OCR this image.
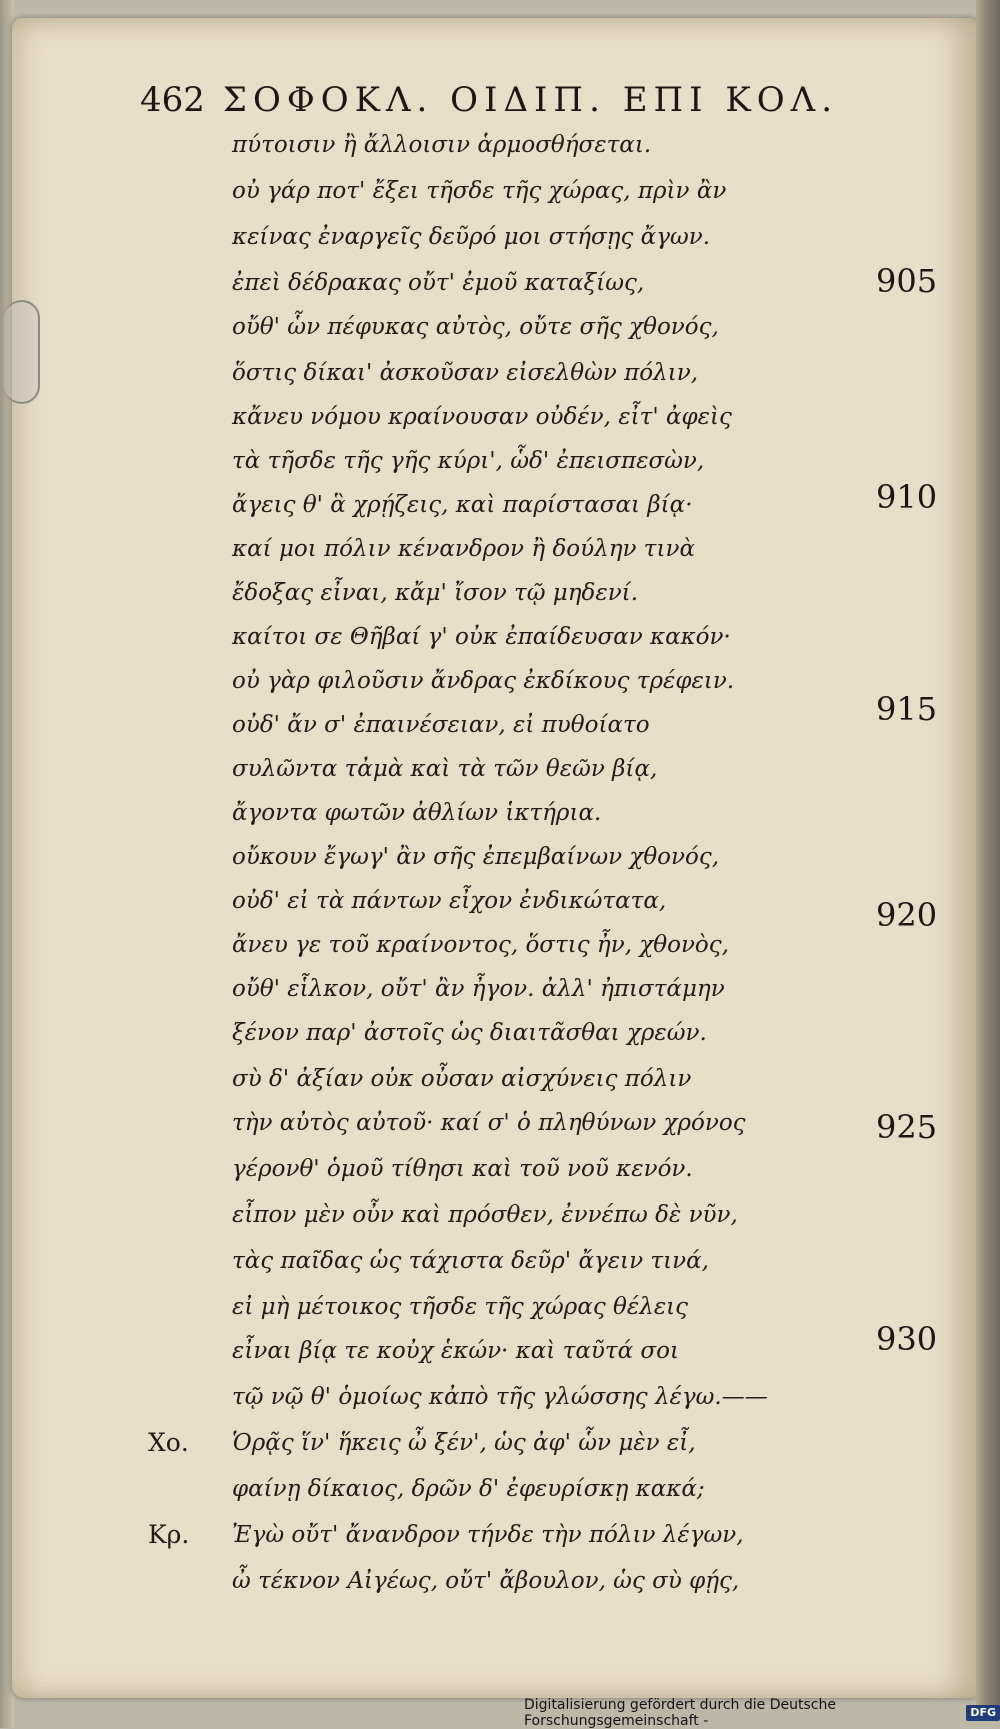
462 ΣΟΦΟΚΛ. ΟΙΔΙΠ. ΕΠΙ ΚΟΛ.
πύτοισιν ἢ ἄλλοισιν ἁρμοσθήσεται.
οὐ γάρ ποτ' ἔξει τῆσδε τῆς χώρας, πρὶν ἂν
κείνας ἐναργεῖς δεῦρό μοι στήσῃς ἄγων.
ἐπεὶ δέδρακας οὔτ' ἐμοῦ καταξίως,
οὔθ' ὧν πέφυκας αὐτὸς, οὔτε σῆς χθονός,
ὅστις δίκαι' ἀσκοῦσαν εἰσελθὼν πόλιν,
κἄνευ νόμου κραίνουσαν οὐδέν, εἶτ' ἀφεὶς
τὰ τῆσδε τῆς γῆς κύρι', ὧδ' ἐπεισπεσὼν,
ἄγεις θ' ἃ χρῄζεις, καὶ παρίστασαι βίᾳ·
καί μοι πόλιν κένανδρον ἢ δούλην τινὰ
ἔδοξας εἶναι, κἄμ' ἴσον τῷ μηδενί.
καίτοι σε Θῆβαί γ' οὐκ ἐπαίδευσαν κακόν·
οὐ γὰρ φιλοῦσιν ἄνδρας ἐκδίκους τρέφειν.
οὐδ' ἄν σ' ἐπαινέσειαν, εἰ πυθοίατο
συλῶντα τἀμὰ καὶ τὰ τῶν θεῶν βίᾳ,
ἄγοντα φωτῶν ἀθλίων ἱκτήρια.
οὔκουν ἔγωγ' ἂν σῆς ἐπεμβαίνων χθονός,
οὐδ' εἰ τὰ πάντων εἶχον ἐνδικώτατα,
ἄνευ γε τοῦ κραίνοντος, ὅστις ἦν, χθονὸς,
οὔθ' εἷλκον, οὔτ' ἂν ἦγον. ἀλλ' ἠπιστάμην
ξένον παρ' ἀστοῖς ὡς διαιτᾶσθαι χρεών.
σὺ δ' ἀξίαν οὐκ οὖσαν αἰσχύνεις πόλιν
τὴν αὐτὸς αὐτοῦ· καί σ' ὁ πληθύνων χρόνος
γέρονθ' ὁμοῦ τίθησι καὶ τοῦ νοῦ κενόν.
εἶπον μὲν οὖν καὶ πρόσθεν, ἐννέπω δὲ νῦν,
τὰς παῖδας ὡς τάχιστα δεῦρ' ἄγειν τινά,
εἰ μὴ μέτοικος τῆσδε τῆς χώρας θέλεις
εἶναι βίᾳ τε κοὐχ ἑκών· καὶ ταῦτά σοι
τῷ νῷ θ' ὁμοίως κἀπὸ τῆς γλώσσης λέγω.——
Ὁρᾷς ἵν' ἥκεις ὦ ξέν', ὡς ἀφ' ὧν μὲν εἶ,
φαίνῃ δίκαιος, δρῶν δ' ἐφευρίσκῃ κακά;
Ἐγὼ οὔτ' ἄνανδρον τήνδε τὴν πόλιν λέγων,
ὦ τέκνον Αἰγέως, οὔτ' ἄβουλον, ὡς σὺ φῄς,
Χο.
Κρ.
905
910
915
920
925
930
Digitalisierung gefördert durch die Deutsche Forschungsgemeinschaft -
DFG
